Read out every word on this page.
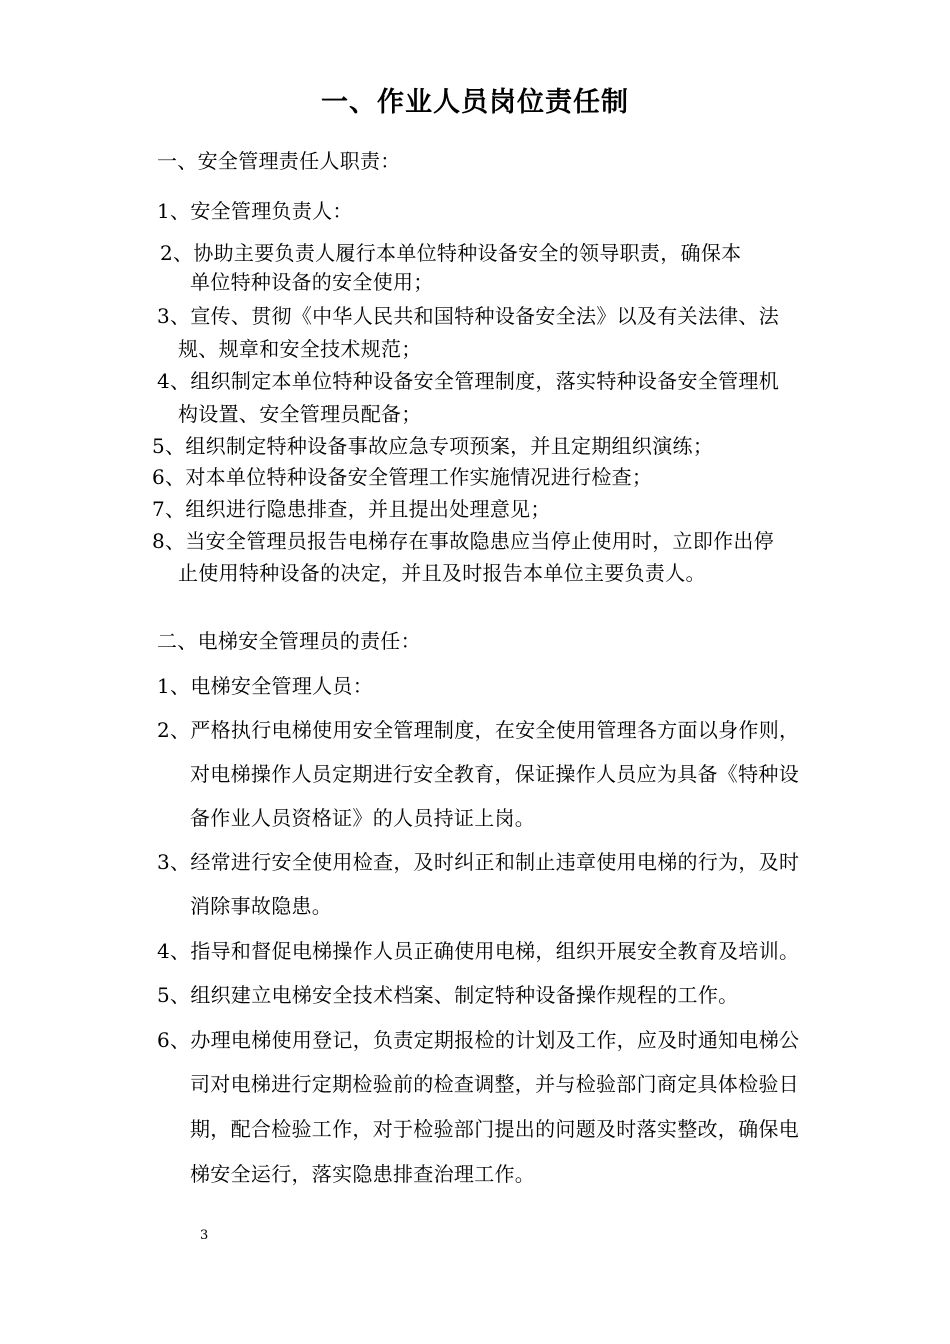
一、作业人员岗位责任制
一、安全管理责任人职责：
1、安全管理负责人：
2、协助主要负责人履行本单位特种设备安全的领导职责，确保本
单位特种设备的安全使用；
3、宣传、贯彻《中华人民共和国特种设备安全法》以及有关法律、法
规、规章和安全技术规范；
4、组织制定本单位特种设备安全管理制度，落实特种设备安全管理机
构设置、安全管理员配备；
5、组织制定特种设备事故应急专项预案，并且定期组织演练；
6、对本单位特种设备安全管理工作实施情况进行检查；
7、组织进行隐患排查，并且提出处理意见；
8、当安全管理员报告电梯存在事故隐患应当停止使用时，立即作出停
止使用特种设备的决定，并且及时报告本单位主要负责人。
二、电梯安全管理员的责任：
1、电梯安全管理人员：
2、严格执行电梯使用安全管理制度，在安全使用管理各方面以身作则，
对电梯操作人员定期进行安全教育，保证操作人员应为具备《特种设
备作业人员资格证》的人员持证上岗。
3、经常进行安全使用检查，及时纠正和制止违章使用电梯的行为，及时
消除事故隐患。
4、指导和督促电梯操作人员正确使用电梯，组织开展安全教育及培训。
5、组织建立电梯安全技术档案、制定特种设备操作规程的工作。
6、办理电梯使用登记，负责定期报检的计划及工作，应及时通知电梯公
司对电梯进行定期检验前的检查调整，并与检验部门商定具体检验日
期，配合检验工作，对于检验部门提出的问题及时落实整改，确保电
梯安全运行，落实隐患排查治理工作。
3
